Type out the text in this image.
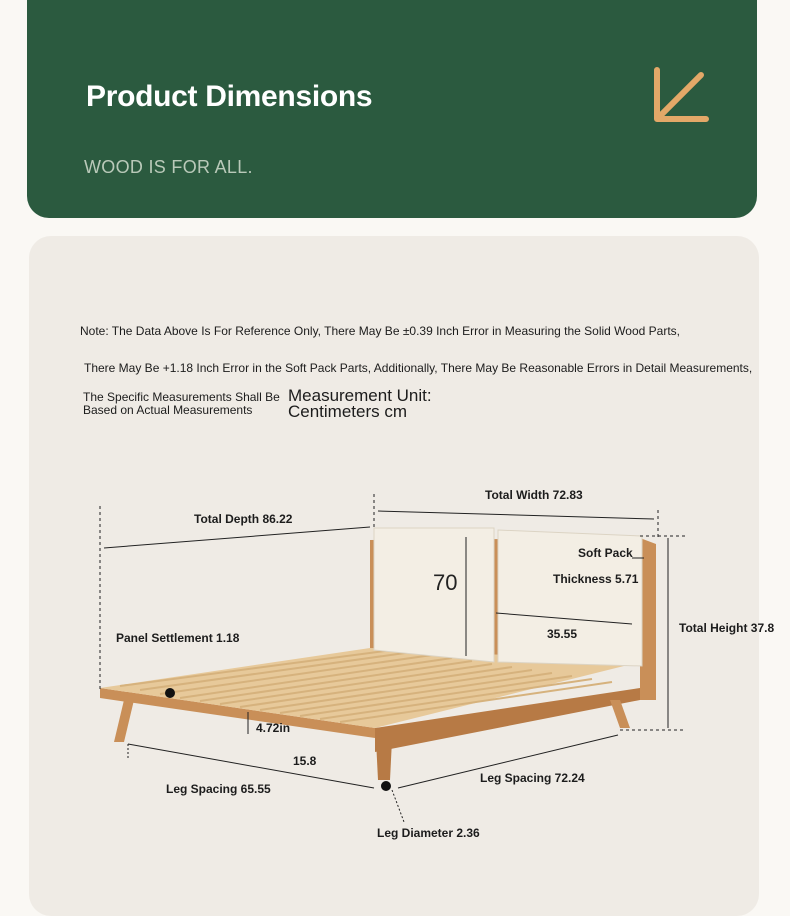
Product Dimensions
WOOD IS FOR ALL.
Note: The Data Above Is For Reference Only, There May Be ±0.39 Inch Error in Measuring the Solid Wood Parts,
There May Be +1.18 Inch Error in the Soft Pack Parts, Additionally, There May Be Reasonable Errors in Detail Measurements,
The Specific Measurements Shall Be
Based on Actual Measurements
Measurement Unit:
Centimeters cm
70
Total Width 72.83
Total Depth 86.22
Soft Pack
Thickness 5.71
35.55	Total Height 37.8
Panel Settlement 1.18
4.72in
15.8
Leg Spacing 65.55
Leg Spacing 72.24
Leg Diameter 2.36
